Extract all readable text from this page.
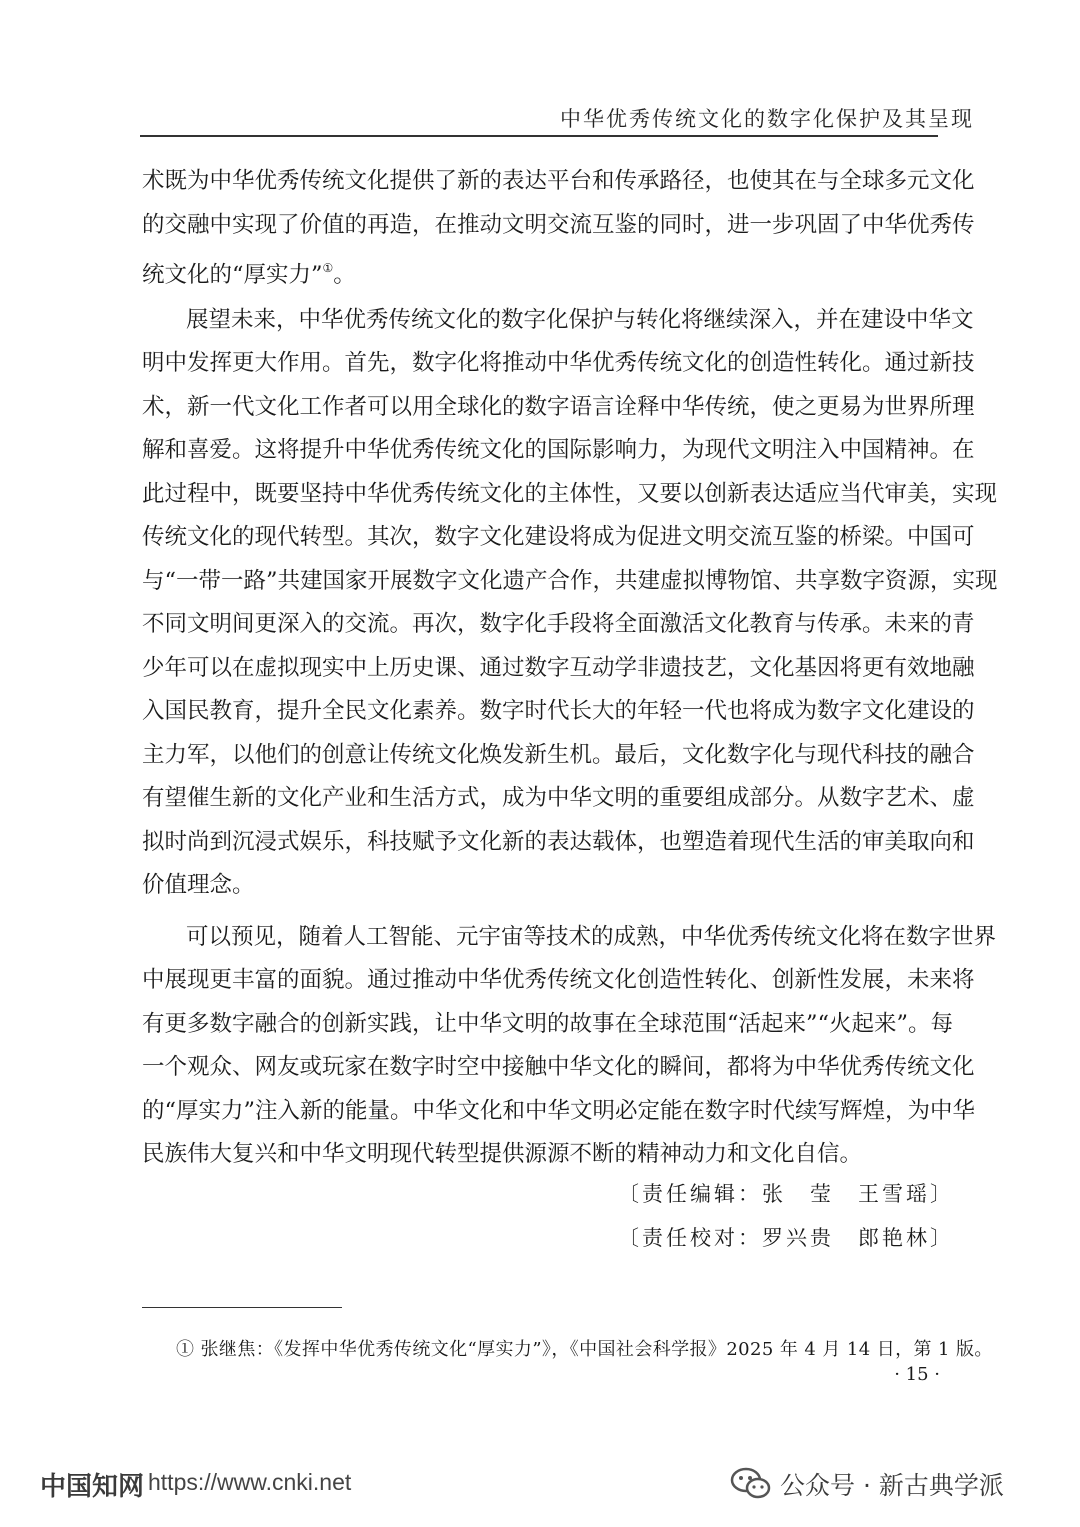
中华优秀传统文化的数字化保护及其呈现
术既为中华优秀传统文化提供了新的表达平台和传承路径，也使其在与全球多元文化
的交融中实现了价值的再造，在推动文明交流互鉴的同时，进一步巩固了中华优秀传
统文化的“厚实力”①。
展望未来，中华优秀传统文化的数字化保护与转化将继续深入，并在建设中华文
明中发挥更大作用。首先，数字化将推动中华优秀传统文化的创造性转化。通过新技
术，新一代文化工作者可以用全球化的数字语言诠释中华传统，使之更易为世界所理
解和喜爱。这将提升中华优秀传统文化的国际影响力，为现代文明注入中国精神。在
此过程中，既要坚持中华优秀传统文化的主体性，又要以创新表达适应当代审美，实现
传统文化的现代转型。其次，数字文化建设将成为促进文明交流互鉴的桥梁。中国可
与“一带一路”共建国家开展数字文化遗产合作，共建虚拟博物馆、共享数字资源，实现
不同文明间更深入的交流。再次，数字化手段将全面激活文化教育与传承。未来的青
少年可以在虚拟现实中上历史课、通过数字互动学非遗技艺，文化基因将更有效地融
入国民教育，提升全民文化素养。数字时代长大的年轻一代也将成为数字文化建设的
主力军，以他们的创意让传统文化焕发新生机。最后，文化数字化与现代科技的融合
有望催生新的文化产业和生活方式，成为中华文明的重要组成部分。从数字艺术、虚
拟时尚到沉浸式娱乐，科技赋予文化新的表达载体，也塑造着现代生活的审美取向和
价值理念。
可以预见，随着人工智能、元宇宙等技术的成熟，中华优秀传统文化将在数字世界
中展现更丰富的面貌。通过推动中华优秀传统文化创造性转化、创新性发展，未来将
有更多数字融合的创新实践，让中华文明的故事在全球范围“活起来”“火起来”。每
一个观众、网友或玩家在数字时空中接触中华文化的瞬间，都将为中华优秀传统文化
的“厚实力”注入新的能量。中华文化和中华文明必定能在数字时代续写辉煌，为中华
民族伟大复兴和中华文明现代转型提供源源不断的精神动力和文化自信。
〔责任编辑：张　莹　王雪瑶〕
〔责任校对：罗兴贵　郎艳林〕
① 张继焦：《发挥中华优秀传统文化“厚实力”》，《中国社会科学报》2025 年 4 月 14 日，第 1 版。
· 15 ·
中国知网 https://www.cnki.net	公众号 · 新古典学派
